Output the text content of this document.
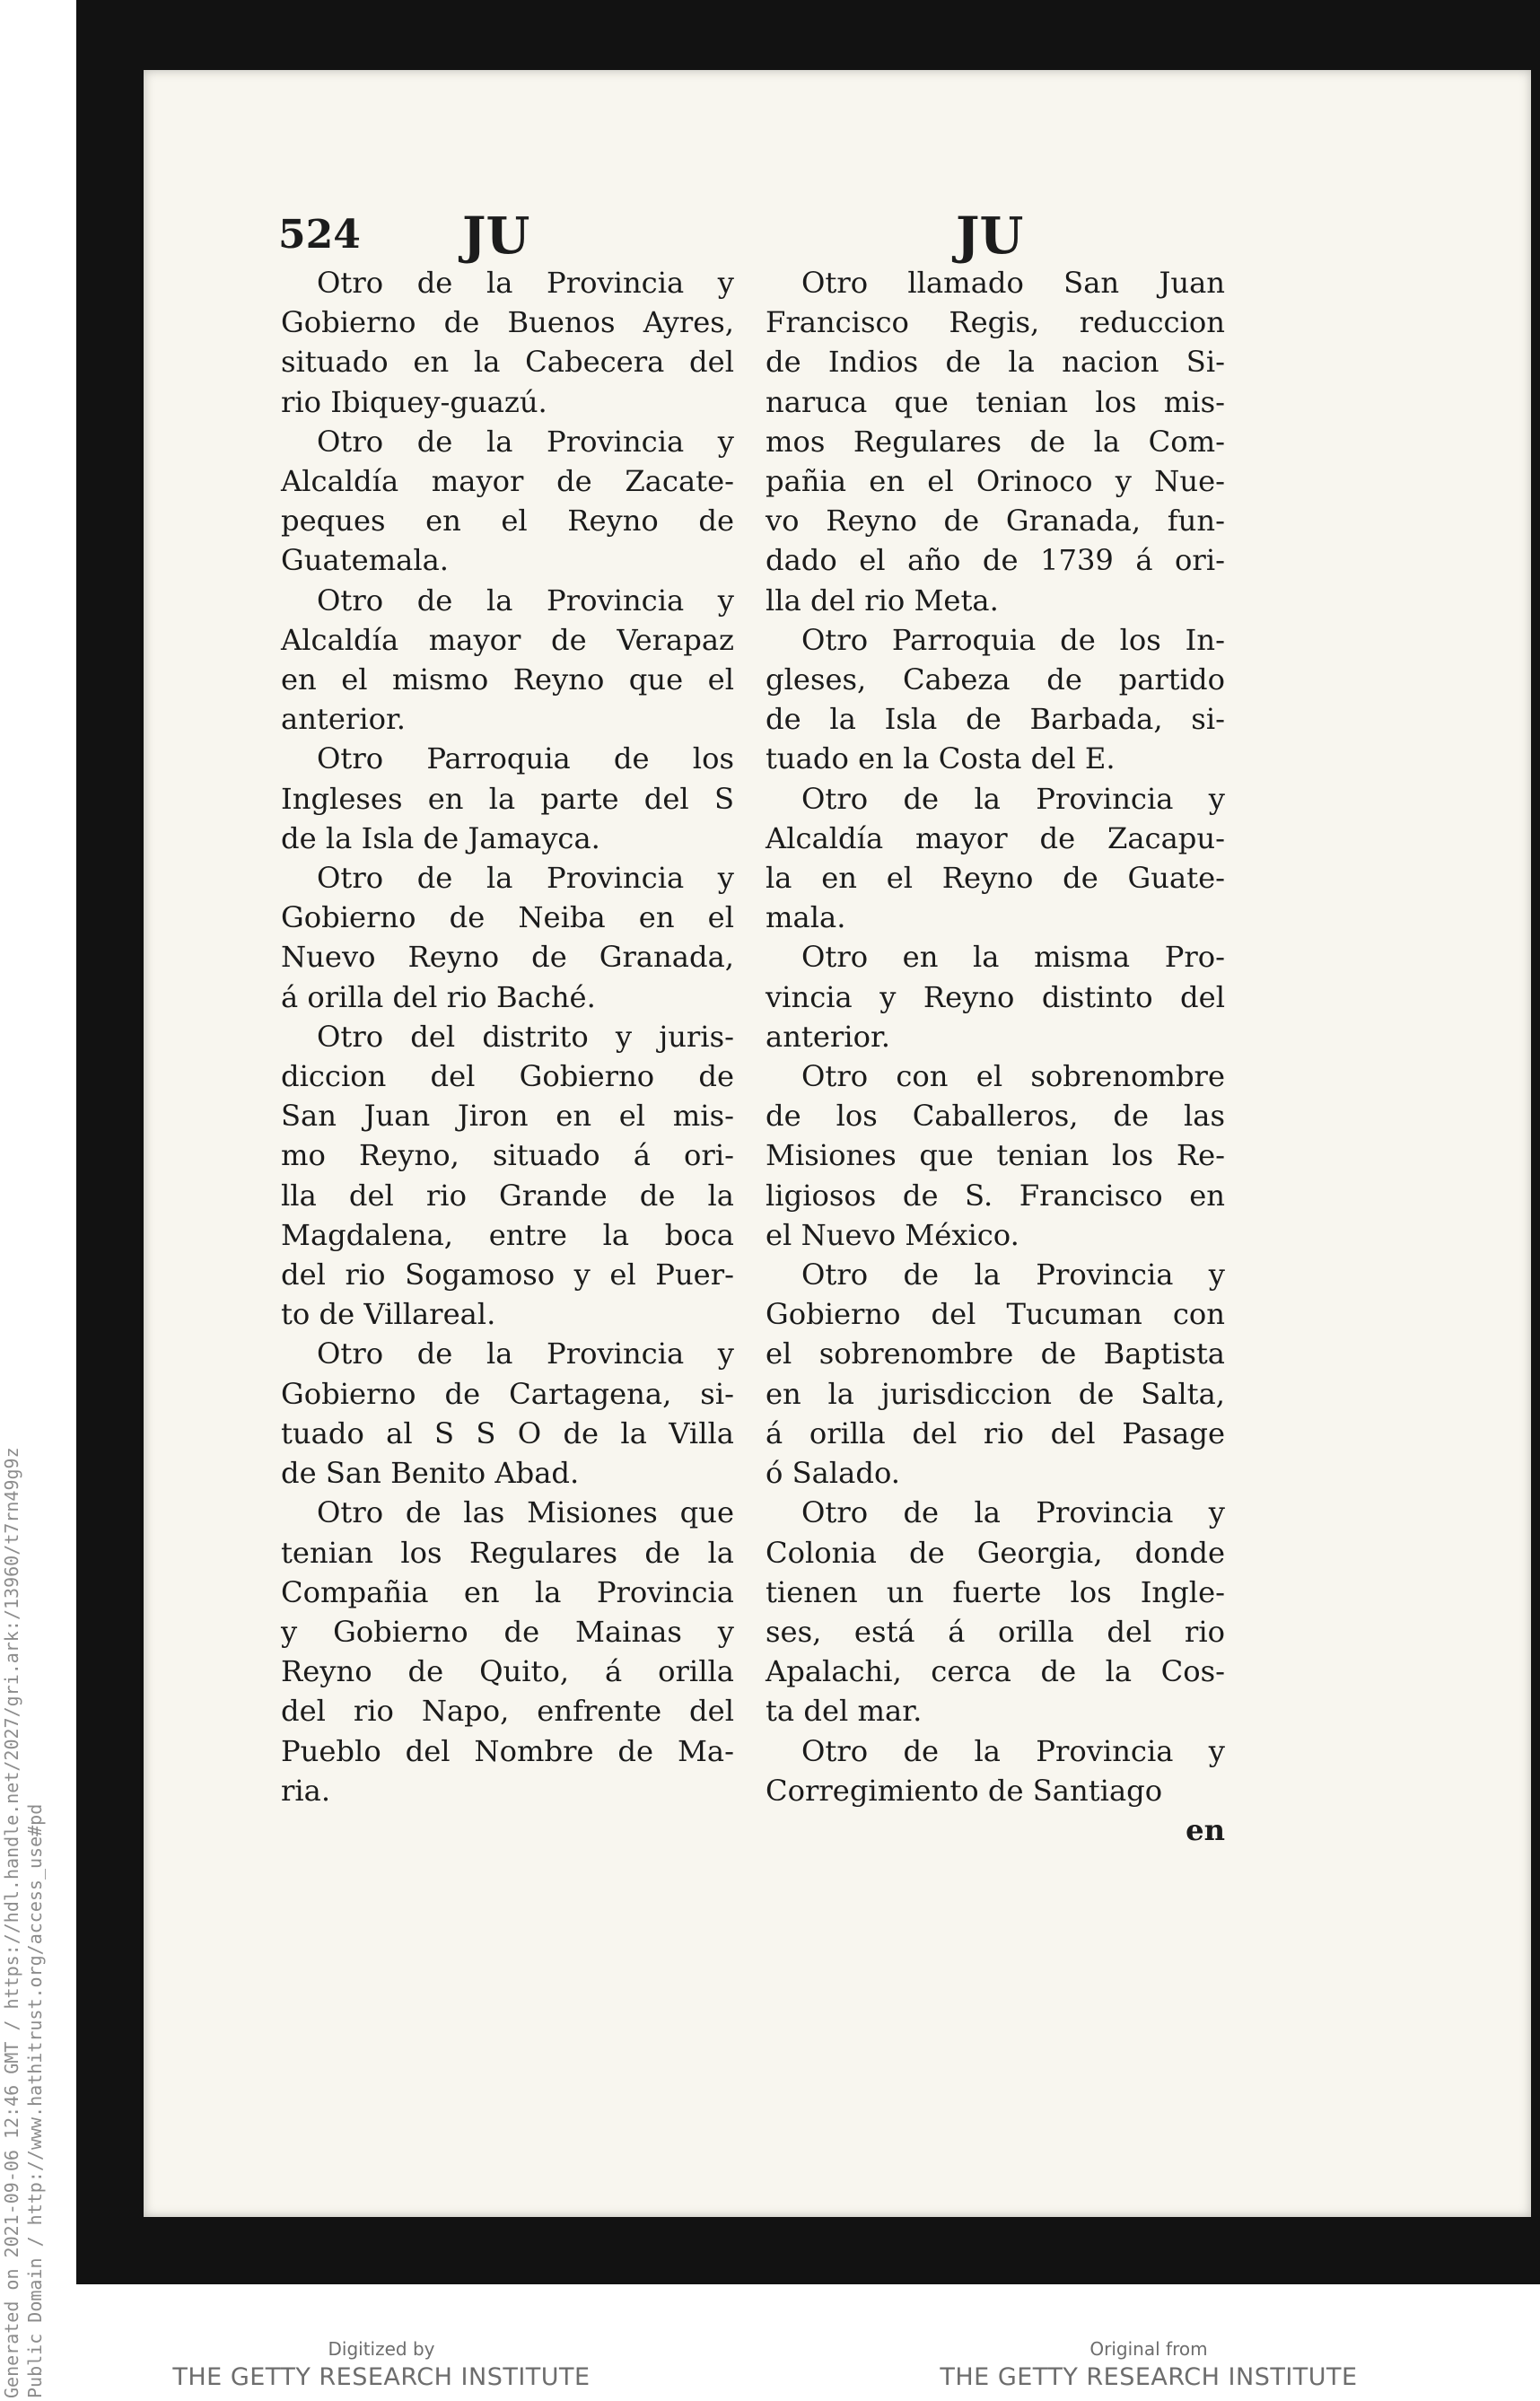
524 JU	JU
Otro de la Provincia y
Gobierno de Buenos Ayres,
situado en la Cabecera del
rio Ibiquey-guazú.
Otro de la Provincia y
Alcaldía mayor de Zacate-
peques en el Reyno de
Guatemala.
Otro de la Provincia y
Alcaldía mayor de Verapaz
en el mismo Reyno que el
anterior.
Otro Parroquia de los
Ingleses en la parte del S
de la Isla de Jamayca.
Otro de la Provincia y
Gobierno de Neiba en el
Nuevo Reyno de Granada,
á orilla del rio Baché.
Otro del distrito y juris-
diccion del Gobierno de
San Juan Jiron en el mis-
mo Reyno, situado á ori-
lla del rio Grande de la
Magdalena, entre la boca
del rio Sogamoso y el Puer-
to de Villareal.
Otro de la Provincia y
Gobierno de Cartagena, si-
tuado al S S O de la Villa
de San Benito Abad.
Otro de las Misiones que
tenian los Regulares de la
Compañia en la Provincia
y Gobierno de Mainas y
Reyno de Quito, á orilla
del rio Napo, enfrente del
Pueblo del Nombre de Ma-
ria.
Otro llamado San Juan
Francisco Regis, reduccion
de Indios de la nacion Si-
naruca que tenian los mis-
mos Regulares de la Com-
pañia en el Orinoco y Nue-
vo Reyno de Granada, fun-
dado el año de 1739 á ori-
lla del rio Meta.
Otro Parroquia de los In-
gleses, Cabeza de partido
de la Isla de Barbada, si-
tuado en la Costa del E.
Otro de la Provincia y
Alcaldía mayor de Zacapu-
la en el Reyno de Guate-
mala.
Otro en la misma Pro-
vincia y Reyno distinto del
anterior.
Otro con el sobrenombre
de los Caballeros, de las
Misiones que tenian los Re-
ligiosos de S. Francisco en
el Nuevo México.
Otro de la Provincia y
Gobierno del Tucuman con
el sobrenombre de Baptista
en la jurisdiccion de Salta,
á orilla del rio del Pasage
ó Salado.
Otro de la Provincia y
Colonia de Georgia, donde
tienen un fuerte los Ingle-
ses, está á orilla del rio
Apalachi, cerca de la Cos-
ta del mar.
Otro de la Provincia y
Corregimiento de Santiago
en
Generated on 2021-09-06 12:46 GMT / https://hdl.handle.net/2027/gri.ark:/13960/t7rn49g9z Public Domain / http://www.hathitrust.org/access_use#pd	Digitized by
THE GETTY RESEARCH INSTITUTE
Original from
THE GETTY RESEARCH INSTITUTE
